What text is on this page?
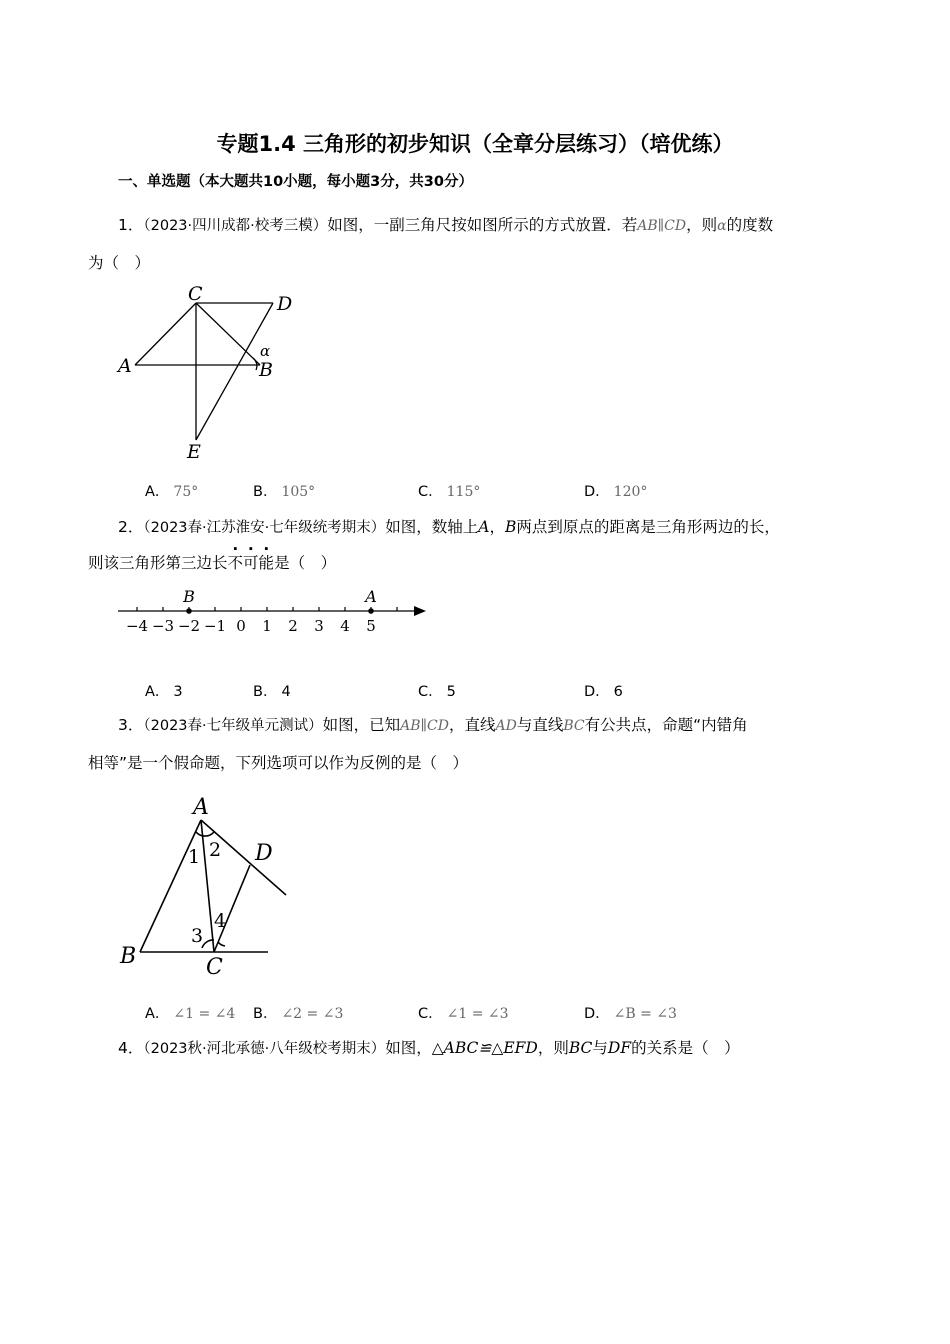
专题1.4 三角形的初步知识（全章分层练习）（培优练）
一、单选题（本大题共10小题，每小题3分，共30分）
1．（2023·四川成都·校考三模）如图，一副三角尺按如图所示的方式放置．若AB∥CD，则α的度数
为（　）
C	D
A	B
α
E
A． 75°	B． 105°	C． 115°	D． 120°
2．（2023春·江苏淮安·七年级统考期末）如图，数轴上A，B两点到原点的距离是三角形两边的长，
则该三角形第三边长不可能是（　）
−4 −3 −2 −1 0 1 2 3 4 5
B	A
A． 3	B． 4	C． 5	D． 6
3．（2023春·七年级单元测试）如图，已知AB∥CD，直线AD与直线BC有公共点，命题“内错角
相等”是一个假命题，下列选项可以作为反例的是（　）
A
1 2 D
4
3
B	C
A． ∠1 = ∠4 B． ∠2 = ∠3	C． ∠1 = ∠3	D． ∠B = ∠3
4．（2023秋·河北承德·八年级校考期末）如图，△ABC≌△EFD，则BC与DF的关系是（　）
